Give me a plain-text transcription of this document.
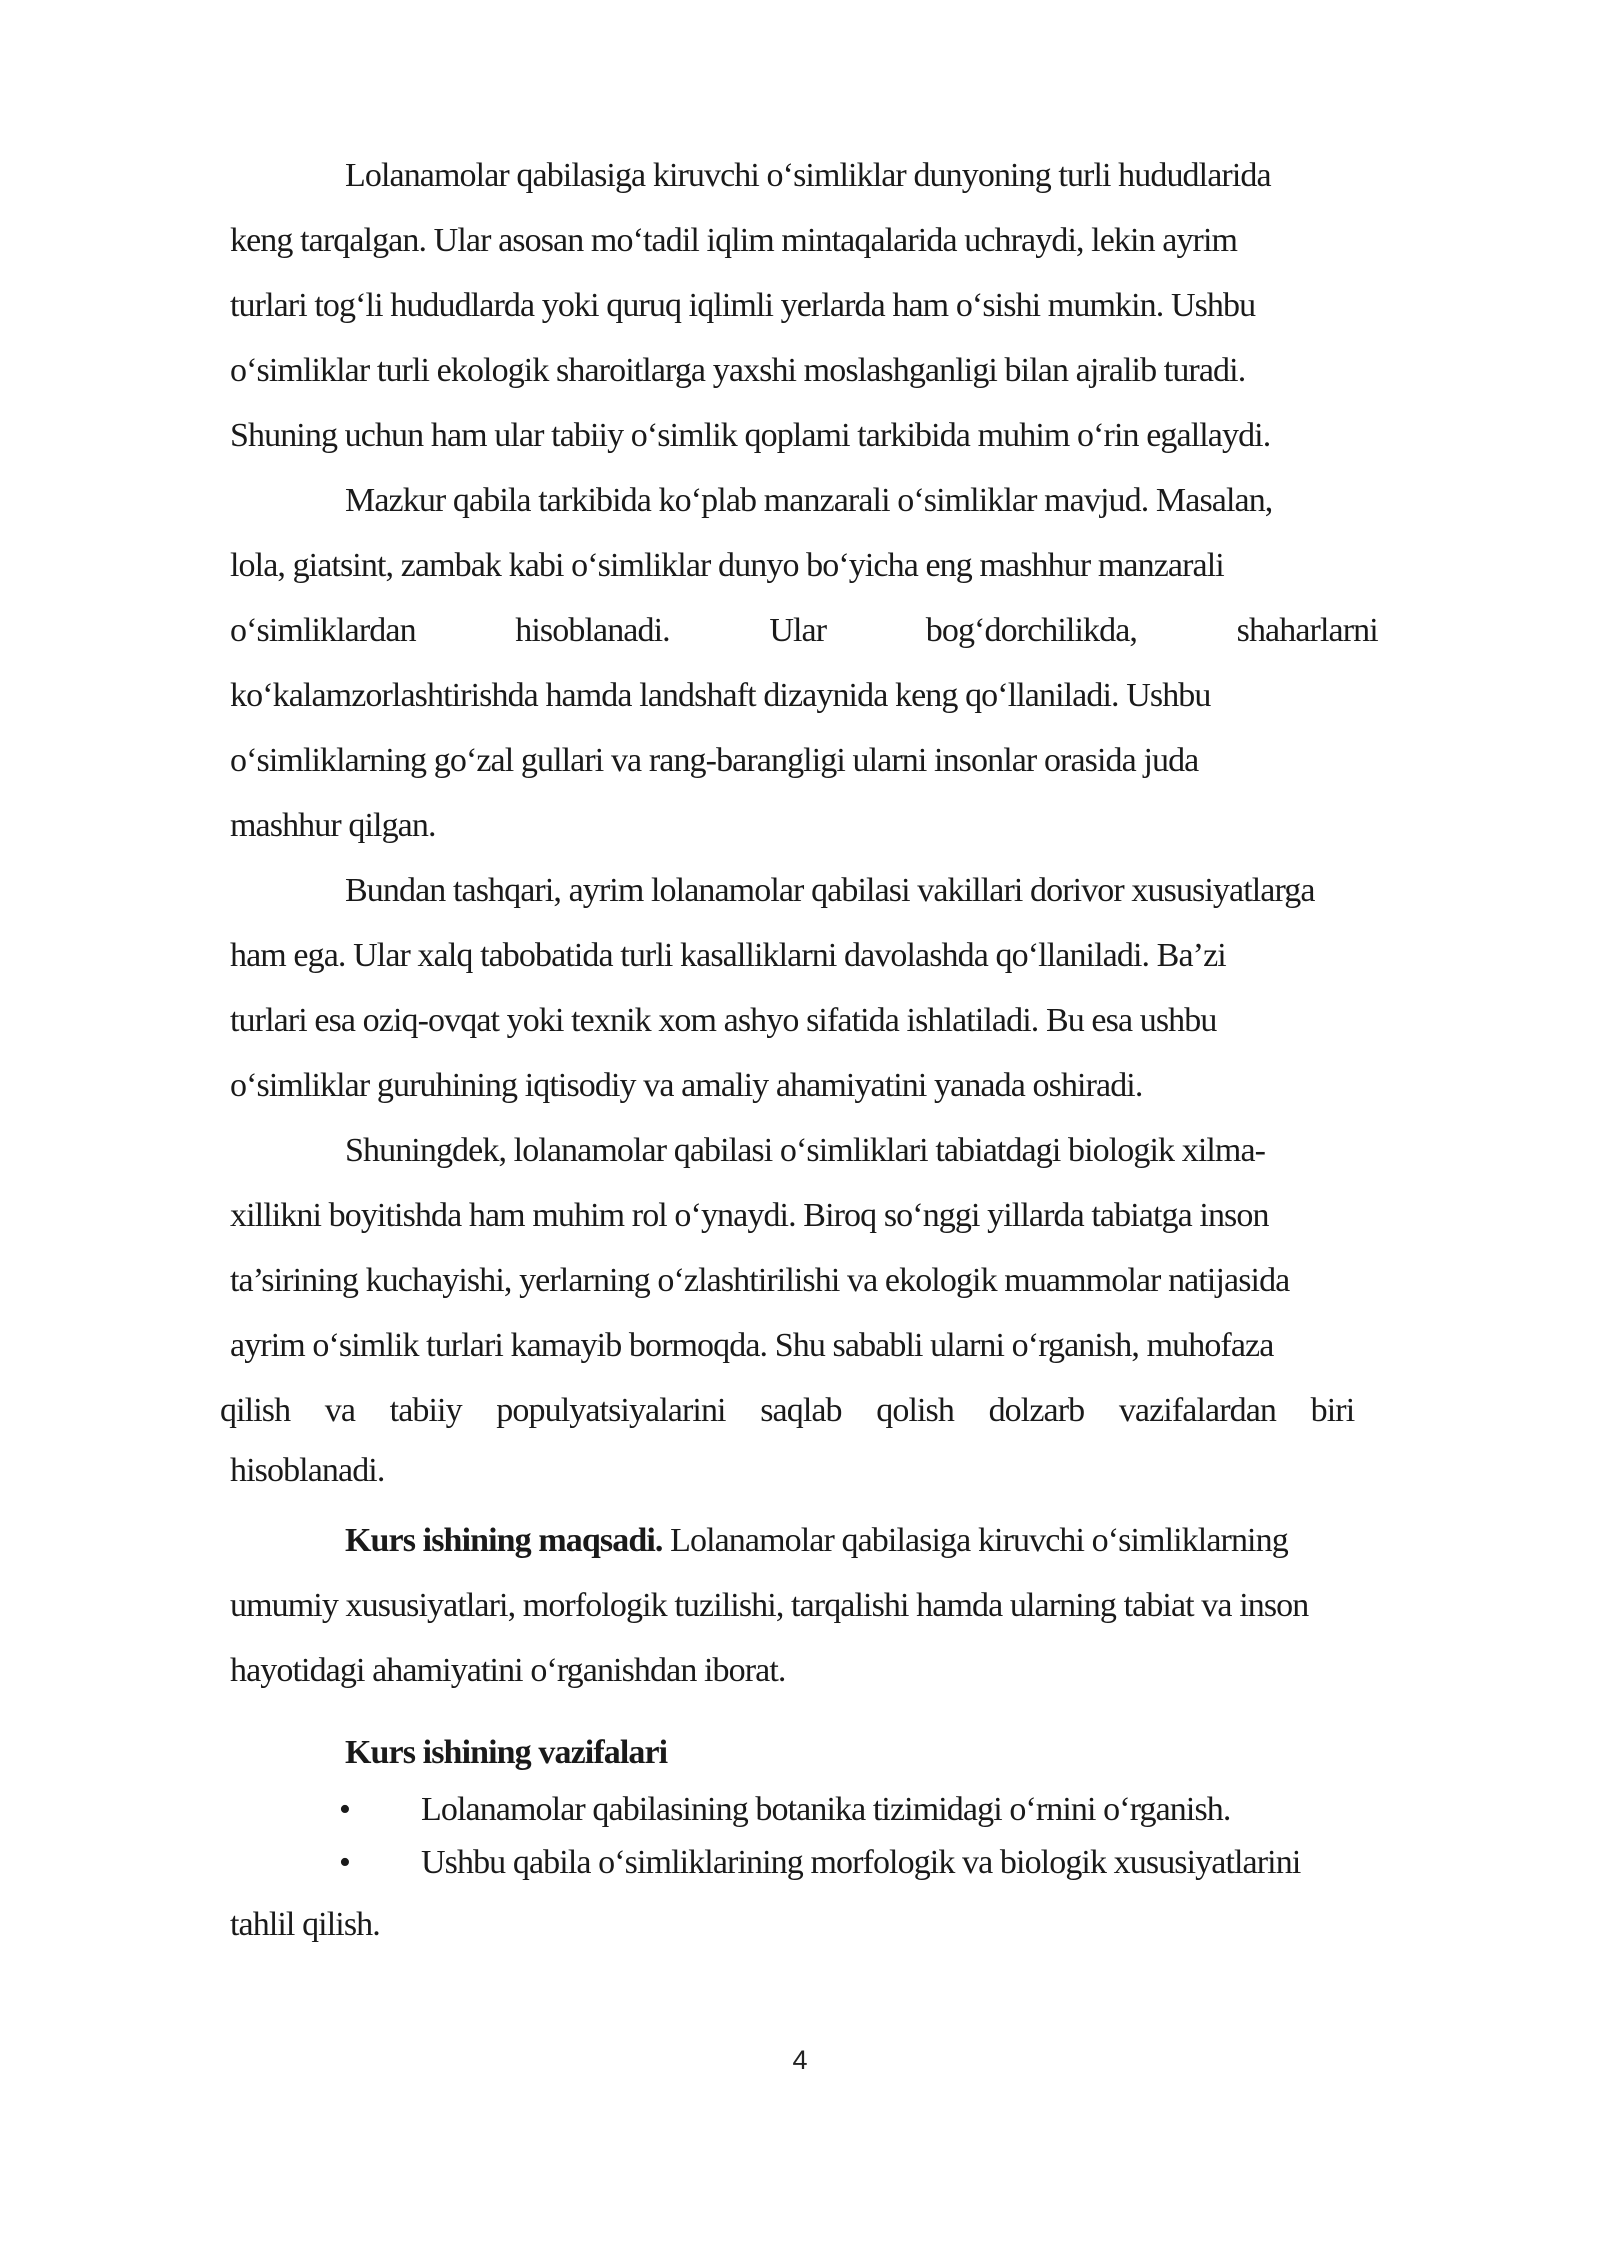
Lolanamolar qabilasiga kiruvchi o‘simliklar dunyoning turli hududlarida
keng tarqalgan. Ular asosan mo‘tadil iqlim mintaqalarida uchraydi, lekin ayrim
turlari tog‘li hududlarda yoki quruq iqlimli yerlarda ham o‘sishi mumkin. Ushbu
o‘simliklar turli ekologik sharoitlarga yaxshi moslashganligi bilan ajralib turadi.
Shuning uchun ham ular tabiiy o‘simlik qoplami tarkibida muhim o‘rin egallaydi.
Mazkur qabila tarkibida ko‘plab manzarali o‘simliklar mavjud. Masalan,
lola, giatsint, zambak kabi o‘simliklar dunyo bo‘yicha eng mashhur manzarali
o‘simliklardan hisoblanadi. Ular bog‘dorchilikda, shaharlarni
ko‘kalamzorlashtirishda hamda landshaft dizaynida keng qo‘llaniladi. Ushbu
o‘simliklarning go‘zal gullari va rang-barangligi ularni insonlar orasida juda
mashhur qilgan.
Bundan tashqari, ayrim lolanamolar qabilasi vakillari dorivor xususiyatlarga
ham ega. Ular xalq tabobatida turli kasalliklarni davolashda qo‘llaniladi. Ba’zi
turlari esa oziq-ovqat yoki texnik xom ashyo sifatida ishlatiladi. Bu esa ushbu
o‘simliklar guruhining iqtisodiy va amaliy ahamiyatini yanada oshiradi.
Shuningdek, lolanamolar qabilasi o‘simliklari tabiatdagi biologik xilma-
xillikni boyitishda ham muhim rol o‘ynaydi. Biroq so‘nggi yillarda tabiatga inson
ta’sirining kuchayishi, yerlarning o‘zlashtirilishi va ekologik muammolar natijasida
ayrim o‘simlik turlari kamayib bormoqda. Shu sababli ularni o‘rganish, muhofaza
qilish va tabiiy populyatsiyalarini saqlab qolish dolzarb vazifalardan biri
hisoblanadi.
Kurs ishining maqsadi. Lolanamolar qabilasiga kiruvchi o‘simliklarning
umumiy xususiyatlari, morfologik tuzilishi, tarqalishi hamda ularning tabiat va inson
hayotidagi ahamiyatini o‘rganishdan iborat.
Kurs ishining vazifalari
• Lolanamolar qabilasining botanika tizimidagi o‘rnini o‘rganish.
• Ushbu qabila o‘simliklarining morfologik va biologik xususiyatlarini
tahlil qilish.
4
